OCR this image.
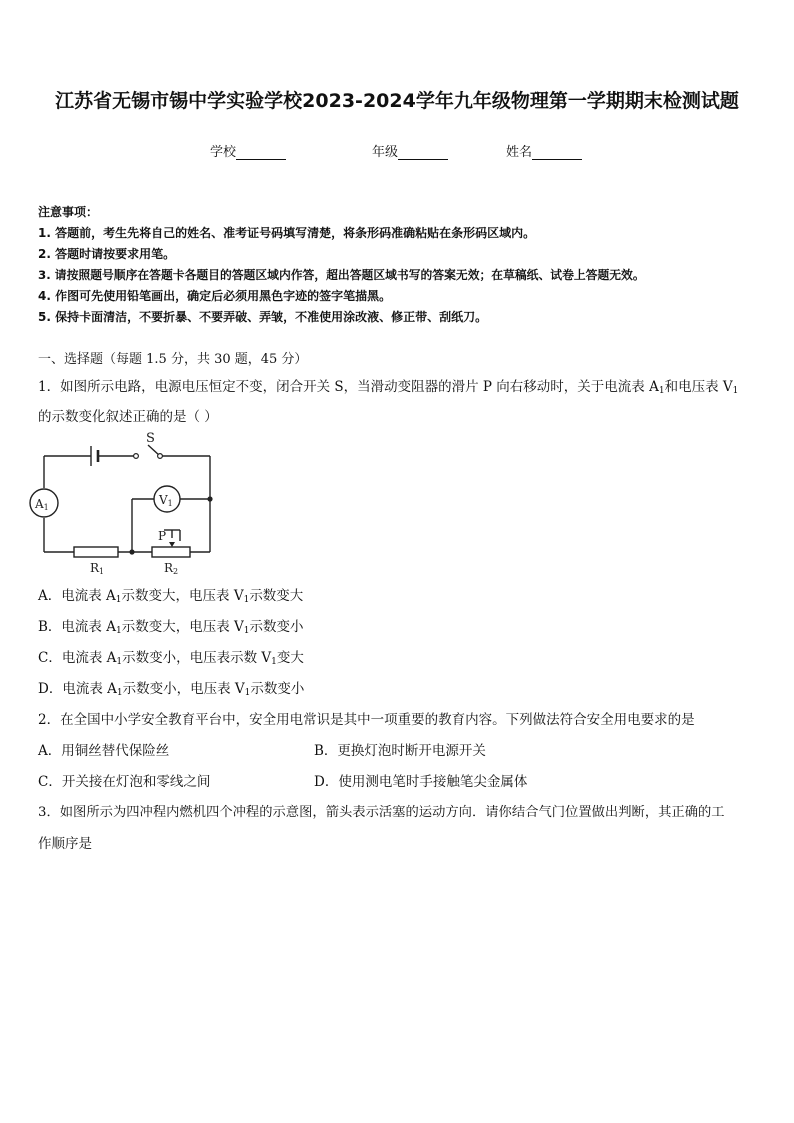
江苏省无锡市锡中学实验学校2023-2024学年九年级物理第一学期期末检测试题
学校	年级	姓名
注意事项：
1. 答题前，考生先将自己的姓名、准考证号码填写清楚，将条形码准确粘贴在条形码区域内。
2. 答题时请按要求用笔。
3. 请按照题号顺序在答题卡各题目的答题区域内作答，超出答题区域书写的答案无效；在草稿纸、试卷上答题无效。
4. 作图可先使用铅笔画出，确定后必须用黑色字迹的签字笔描黑。
5. 保持卡面清洁，不要折暴、不要弄破、弄皱，不准使用涂改液、修正带、刮纸刀。
一、选择题（每题 1.5 分，共 30 题，45 分）
1．如图所示电路，电源电压恒定不变，闭合开关 S，当滑动变阻器的滑片 P 向右移动时，关于电流表 $A_1$和电压表 $V_1$
的示数变化叙述正确的是（ ）
S
A1
V1
R1
P
R2
A．电流表 $A_1$示数变大，电压表 $V_1$示数变大
B．电流表 $A_1$示数变大，电压表 $V_1$示数变小
C．电流表 $A_1$示数变小，电压表示数 $V_1$变大
D．电流表 $A_1$示数变小，电压表 $V_1$示数变小
2．在全国中小学安全教育平台中，安全用电常识是其中一项重要的教育内容。下列做法符合安全用电要求的是
A．用铜丝替代保险丝	B．更换灯泡时断开电源开关
C．开关接在灯泡和零线之间	D．使用测电笔时手接触笔尖金属体
3．如图所示为四冲程内燃机四个冲程的示意图，箭头表示活塞的运动方向．请你结合气门位置做出判断，其正确的工
作顺序是
